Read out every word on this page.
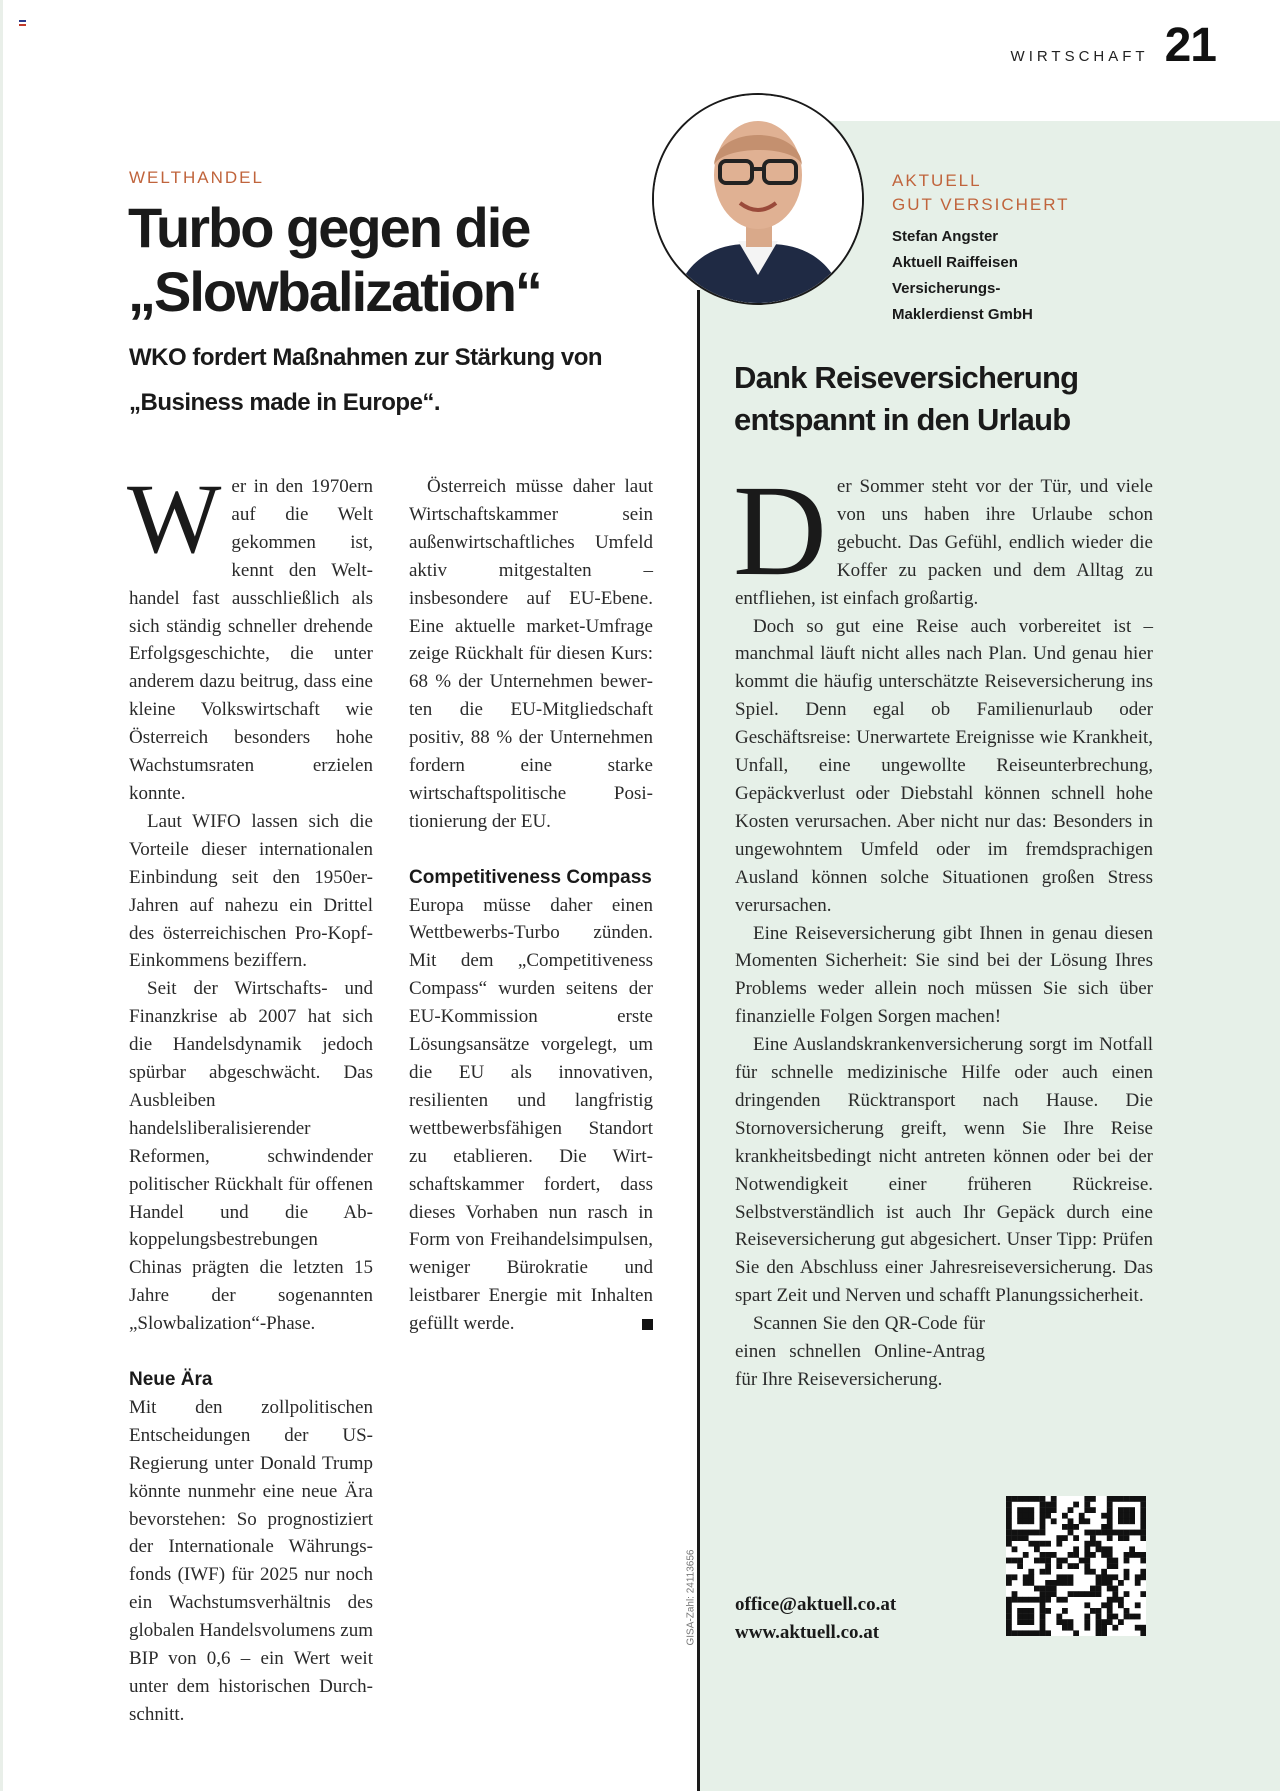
WIRTSCHAFT 21
WELTHANDEL
Turbo gegen die
„Slowbalization“
WKO fordert Maßnahmen zur Stärkung von „Business made in Europe“.

Wer in den 1970ern auf die Welt gekommen ist, kennt den Welthandel fast ausschließlich als sich ständig schneller drehende Erfolgsgeschichte, die unter anderem dazu beitrug, dass eine kleine Volkswirtschaft wie Österreich besonders hohe Wachstumsraten erzielen konnte.

Laut WIFO lassen sich die Vorteile dieser internationalen Einbindung seit den 1950er-Jahren auf nahezu ein Drittel des österreichischen Pro-Kopf-Einkommens beziffern.

Seit der Wirtschafts- und Finanzkrise ab 2007 hat sich die Handelsdynamik jedoch spürbar abgeschwächt. Das Ausbleiben handelsliberalisierender Reformen, schwindender politischer Rückhalt für offenen Handel und die Abkoppelungsbestrebungen Chinas prägten die letzten 15 Jahre der sogenannten „Slowbalization“-Phase.

Neue Ära

Mit den zollpolitischen Entscheidungen der US-Regierung unter Donald Trump könnte nunmehr eine neue Ära bevorstehen: So prognostiziert der Internationale Währungsfonds (IWF) für 2025 nur noch ein Wachstumsverhältnis des globalen Handelsvolumens zum BIP von 0,6 – ein Wert weit unter dem historischen Durchschnitt.

Österreich müsse daher laut Wirtschaftskammer sein außenwirtschaftliches Umfeld aktiv mitgestalten – insbesondere auf EU-Ebene. Eine aktuelle market-Umfrage zeige Rückhalt für diesen Kurs: 68 % der Unternehmen bewerten die EU-Mitgliedschaft positiv, 88 % der Unternehmen fordern eine starke wirtschaftspolitische Positionierung der EU.

Competitiveness Compass

Europa müsse daher einen Wettbewerbs-Turbo zünden. Mit dem „Competitiveness Compass“ wurden seitens der EU-Kommission erste Lösungsansätze vorgelegt, um die EU als innovativen, resilienten und langfristig wettbewerbsfähigen Standort zu etablieren. Die Wirtschaftskammer fordert, dass dieses Vorhaben nun rasch in Form von Freihandelsimpulsen, weniger Bürokratie und leistbarer Energie mit Inhalten gefüllt werde.

GISA-Zahl: 24113656
AKTUELL
GUT VERSICHERT
Stefan Angster
Aktuell Raiffeisen
Versicherungs-
Maklerdienst GmbH
Dank Reiseversicherung
entspannt in den Urlaub

Der Sommer steht vor der Tür, und viele von uns haben ihre Urlaube schon gebucht. Das Gefühl, endlich wieder die Koffer zu packen und dem Alltag zu entfliehen, ist einfach großartig.

Doch so gut eine Reise auch vorbereitet ist – manchmal läuft nicht alles nach Plan. Und genau hier kommt die häufig unterschätzte Reiseversicherung ins Spiel. Denn egal ob Familienurlaub oder Geschäftsreise: Unerwartete Ereignisse wie Krankheit, Unfall, eine ungewollte Reiseunterbrechung, Gepäckverlust oder Diebstahl können schnell hohe Kosten verursachen. Aber nicht nur das: Besonders in ungewohntem Umfeld oder im fremdsprachigen Ausland können solche Situationen großen Stress verursachen.

Eine Reiseversicherung gibt Ihnen in genau diesen Momenten Sicherheit: Sie sind bei der Lösung Ihres Problems weder allein noch müssen Sie sich über finanzielle Folgen Sorgen machen!

Eine Auslandskrankenversicherung sorgt im Notfall für schnelle medizinische Hilfe oder auch einen dringenden Rücktransport nach Hause. Die Stornoversicherung greift, wenn Sie Ihre Reise krankheitsbedingt nicht antreten können oder bei der Notwendigkeit einer früheren Rückreise. Selbstverständlich ist auch Ihr Gepäck durch eine Reiseversicherung gut abgesichert. Unser Tipp: Prüfen Sie den Abschluss einer Jahresreiseversicherung. Das spart Zeit und Nerven und schafft Planungssicherheit.

Scannen Sie den QR-Code für einen schnellen Online-Antrag für Ihre Reiseversicherung.

office@aktuell.co.at
www.aktuell.co.at
